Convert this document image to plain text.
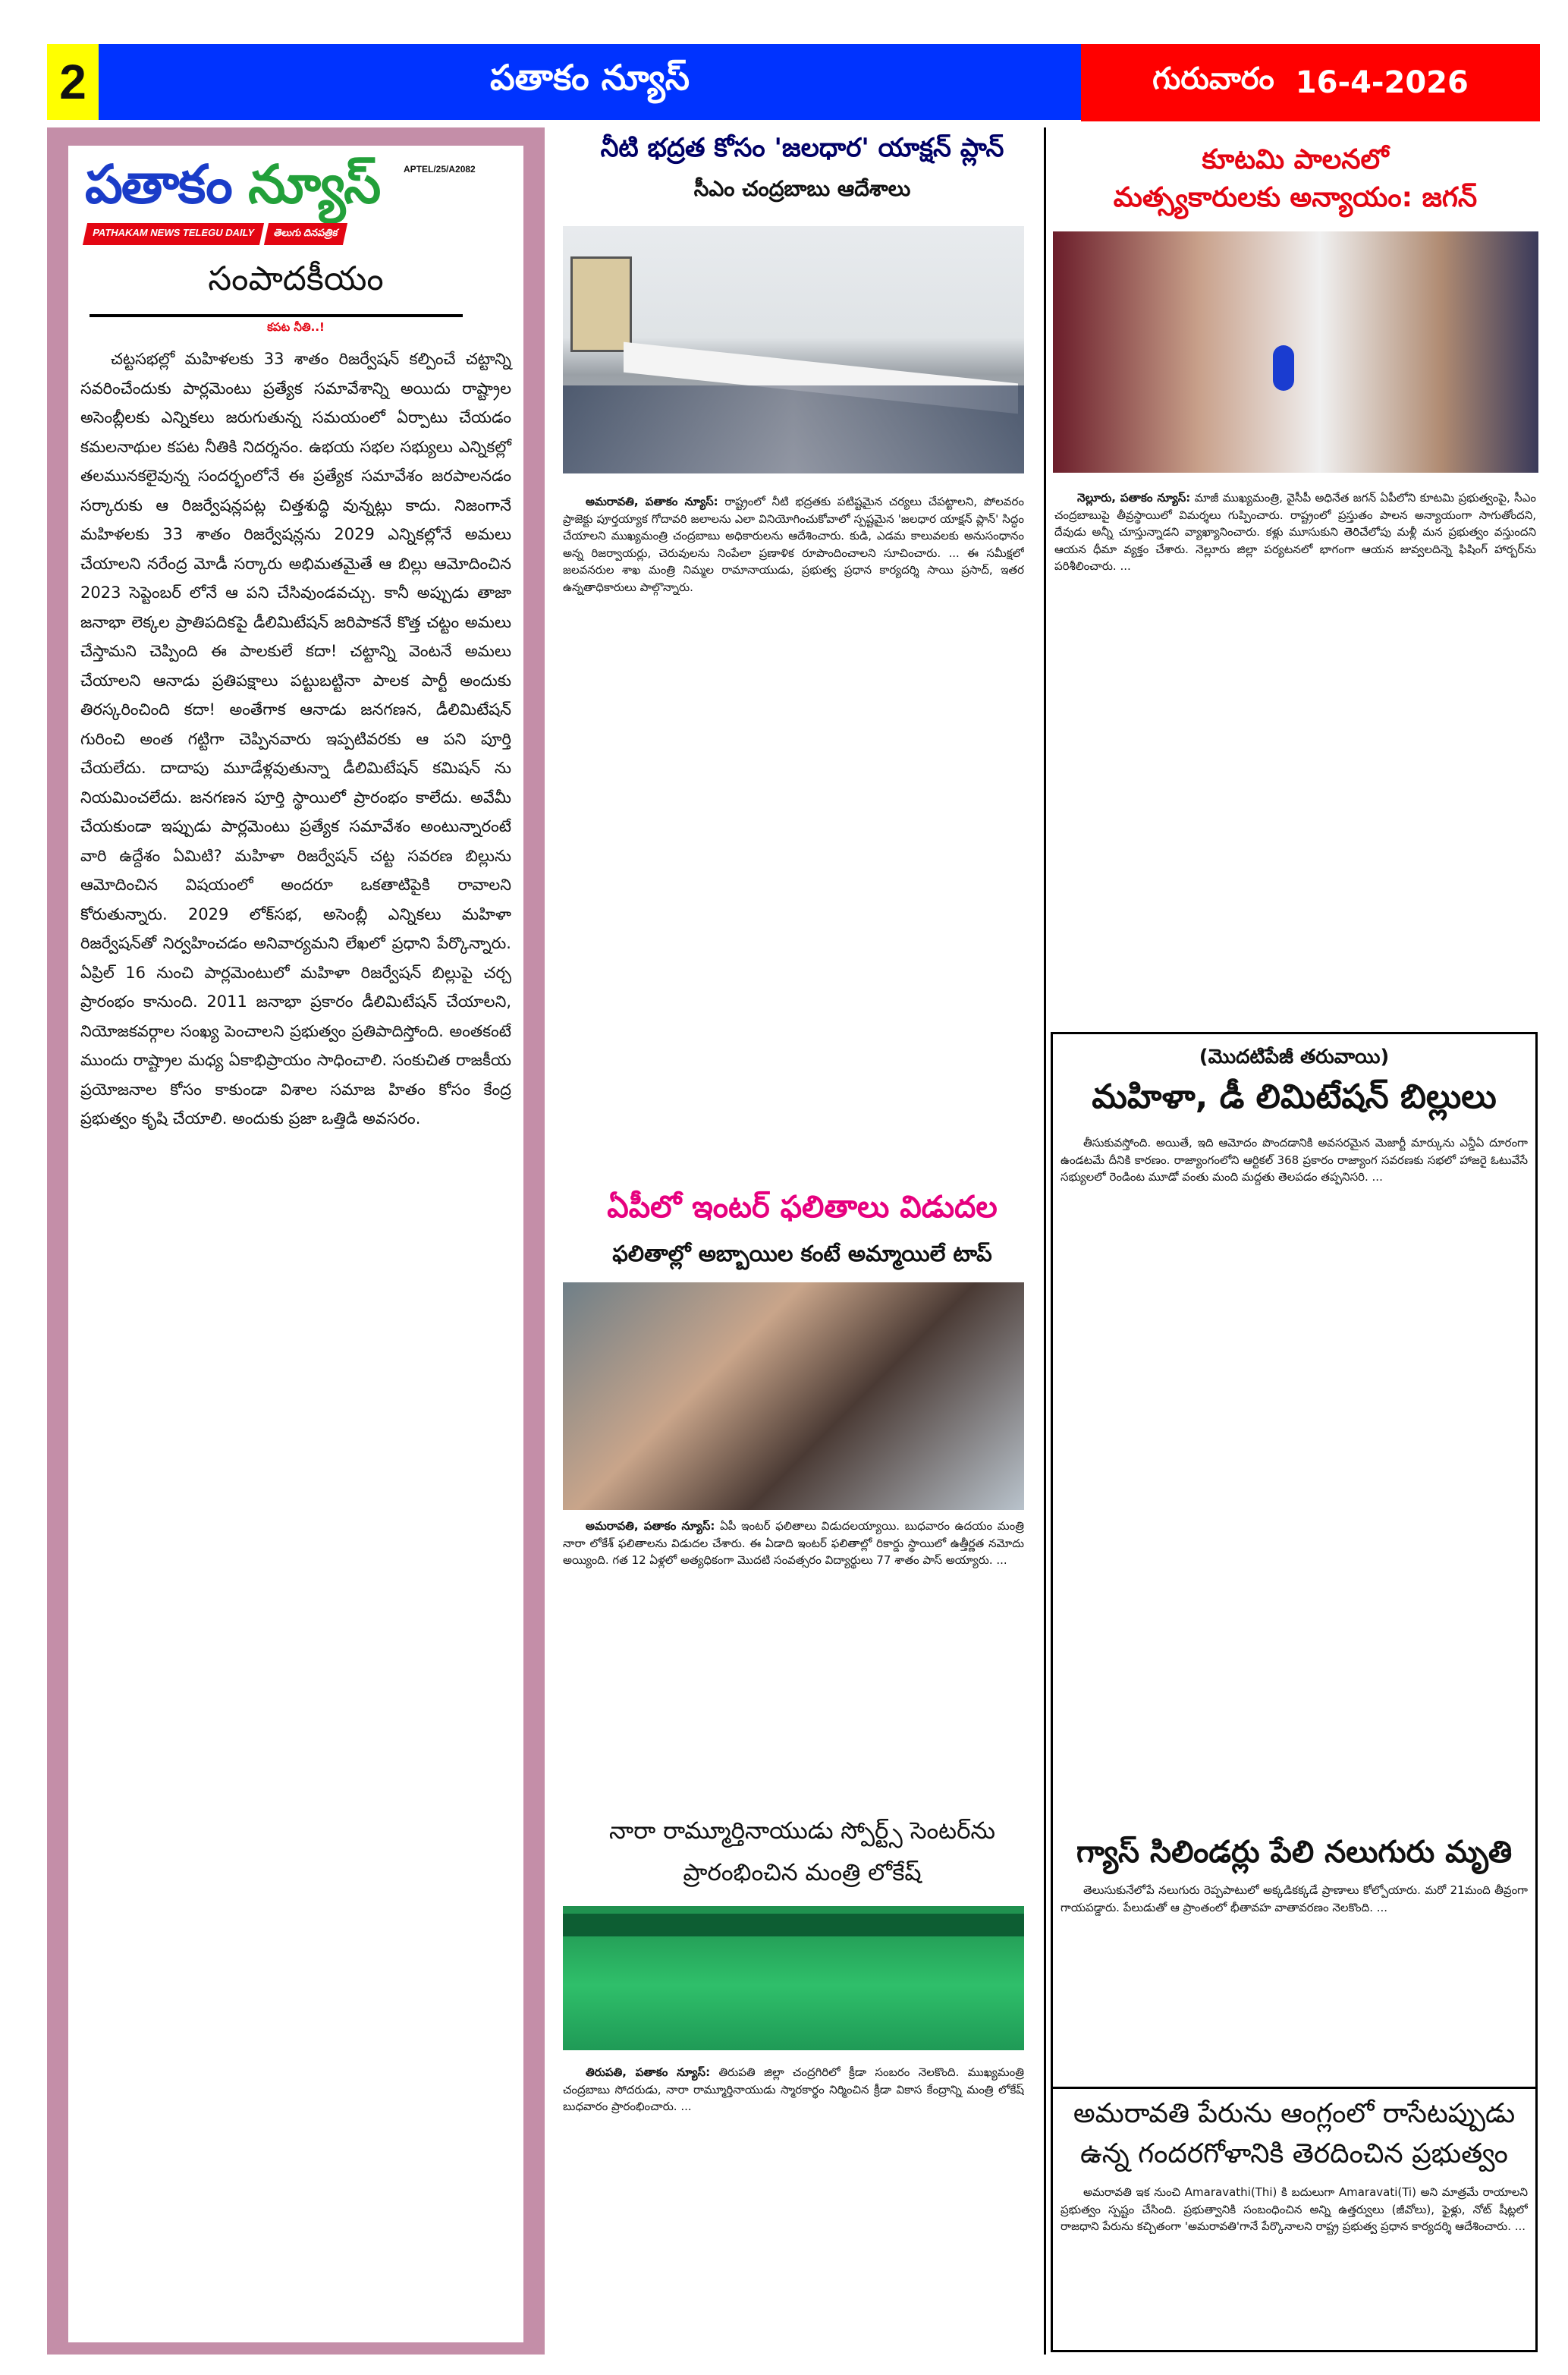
2	పతాకం న్యూస్	గురువారం 16-4-2026
పతాకం న్యూస్	APTEL/25/A2082
PATHAKAM NEWS TELEGU DAILY	తెలుగు దినపత్రిక
సంపాదకీయం
కపట నీతి..!
చట్టసభల్లో మహిళలకు 33 శాతం రిజర్వేషన్ కల్పించే చట్టాన్ని సవరించేందుకు పార్లమెంటు ప్రత్యేక సమావేశాన్ని అయిదు రాష్ట్రాల అసెంబ్లీలకు ఎన్నికలు జరుగుతున్న సమయంలో ఏర్పాటు చేయడం కమలనాథుల కపట నీతికి నిదర్శనం. ఉభయ సభల సభ్యులు ఎన్నికల్లో తలమునకలైవున్న సందర్భంలోనే ఈ ప్రత్యేక సమావేశం జరపాలనడం సర్కారుకు ఆ రిజర్వేషన్లపట్ల చిత్తశుద్ధి వున్నట్లు కాదు. నిజంగానే మహిళలకు 33 శాతం రిజర్వేషన్లను 2029 ఎన్నికల్లోనే అమలు చేయాలని నరేంద్ర మోడీ సర్కారు అభిమతమైతే ఆ బిల్లు ఆమోదించిన 2023 సెప్టెంబర్ లోనే ఆ పని చేసివుండవచ్చు. కానీ అప్పుడు తాజా జనాభా లెక్కల ప్రాతిపదికపై డీలిమిటేషన్ జరిపాకనే కొత్త చట్టం అమలు చేస్తామని చెప్పింది ఈ పాలకులే కదా! చట్టాన్ని వెంటనే అమలు చేయాలని ఆనాడు ప్రతిపక్షాలు పట్టుబట్టినా పాలక పార్టీ అందుకు తిరస్కరించింది కదా! అంతేగాక ఆనాడు జనగణన, డీలిమిటేషన్ గురించి అంత గట్టిగా చెప్పినవారు ఇప్పటివరకు ఆ పని పూర్తి చేయలేదు. దాదాపు మూడేళ్లవుతున్నా డీలిమిటేషన్ కమిషన్ ను నియమించలేదు. జనగణన పూర్తి స్థాయిలో ప్రారంభం కాలేదు. అవేమీ చేయకుండా ఇప్పుడు పార్లమెంటు ప్రత్యేక సమావేశం అంటున్నారంటే వారి ఉద్దేశం ఏమిటి? మహిళా రిజర్వేషన్ చట్ట సవరణ బిల్లును ఆమోదించిన విషయంలో అందరూ ఒకతాటిపైకి రావాలని కోరుతున్నారు. 2029 లోక్‌సభ, అసెంబ్లీ ఎన్నికలు మహిళా రిజర్వేషన్‌తో నిర్వహించడం అనివార్యమని లేఖలో ప్రధాని పేర్కొన్నారు. ఏప్రిల్ 16 నుంచి పార్లమెంటులో మహిళా రిజర్వేషన్ బిల్లుపై చర్చ ప్రారంభం కానుంది. 2011 జనాభా ప్రకారం డీలిమిటేషన్ చేయాలని, నియోజకవర్గాల సంఖ్య పెంచాలని ప్రభుత్వం ప్రతిపాదిస్తోంది. అంతకంటే ముందు రాష్ట్రాల మధ్య ఏకాభిప్రాయం సాధించాలి. సంకుచిత రాజకీయ ప్రయోజనాల కోసం కాకుండా విశాల సమాజ హితం కోసం కేంద్ర ప్రభుత్వం కృషి చేయాలి. అందుకు ప్రజా ఒత్తిడి అవసరం.
నీటి భద్రత కోసం 'జలధార' యాక్షన్ ప్లాన్
సీఎం చంద్రబాబు ఆదేశాలు
అమరావతి, పతాకం న్యూస్: రాష్ట్రంలో నీటి భద్రతకు పటిష్టమైన చర్యలు చేపట్టాలని, పోలవరం ప్రాజెక్టు పూర్తయ్యాక గోదావరి జలాలను ఎలా వినియోగించుకోవాలో స్పష్టమైన 'జలధార యాక్షన్ ప్లాన్' సిద్ధం చేయాలని ముఖ్యమంత్రి చంద్రబాబు అధికారులను ఆదేశించారు. కుడి, ఎడమ కాలువలకు అనుసంధానం అన్న రిజర్వాయర్లు, చెరువులను నింపేలా ప్రణాళిక రూపొందించాలని సూచించారు. ... ఈ సమీక్షలో జలవనరుల శాఖ మంత్రి నిమ్మల రామానాయుడు, ప్రభుత్వ ప్రధాన కార్యదర్శి సాయి ప్రసాద్, ఇతర ఉన్నతాధికారులు పాల్గొన్నారు.
ఏపీలో ఇంటర్ ఫలితాలు విడుదల
ఫలితాల్లో అబ్బాయిల కంటే అమ్మాయిలే టాప్
అమరావతి, పతాకం న్యూస్: ఏపీ ఇంటర్ ఫలితాలు విడుదలయ్యాయి. బుధవారం ఉదయం మంత్రి నారా లోకేశ్ ఫలితాలను విడుదల చేశారు. ఈ ఏడాది ఇంటర్ ఫలితాల్లో రికార్డు స్థాయిలో ఉత్తీర్ణత నమోదు అయ్యింది. గత 12 ఏళ్లలో అత్యధికంగా మొదటి సంవత్సరం విద్యార్థులు 77 శాతం పాస్ అయ్యారు. ...
నారా రామ్మూర్తినాయుడు స్పోర్ట్స్ సెంటర్‌ను
ప్రారంభించిన మంత్రి లోకేష్
తిరుపతి, పతాకం న్యూస్: తిరుపతి జిల్లా చంద్రగిరిలో క్రీడా సంబరం నెలకొంది. ముఖ్యమంత్రి చంద్రబాబు సోదరుడు, నారా రామ్మూర్తినాయుడు స్మారకార్థం నిర్మించిన క్రీడా వికాస కేంద్రాన్ని మంత్రి లోకేష్ బుధవారం ప్రారంభించారు. ...
కూటమి పాలనలో
మత్స్యకారులకు అన్యాయం: జగన్
నెల్లూరు, పతాకం న్యూస్: మాజీ ముఖ్యమంత్రి, వైసీపీ అధినేత జగన్ ఏపీలోని కూటమి ప్రభుత్వంపై, సీఎం చంద్రబాబుపై తీవ్రస్థాయిలో విమర్శలు గుప్పించారు. రాష్ట్రంలో ప్రస్తుతం పాలన అన్యాయంగా సాగుతోందని, దేవుడు అన్నీ చూస్తున్నాడని వ్యాఖ్యానించారు. కళ్లు మూసుకుని తెరిచేలోపు మళ్లీ మన ప్రభుత్వం వస్తుందని ఆయన ధీమా వ్యక్తం చేశారు. నెల్లూరు జిల్లా పర్యటనలో భాగంగా ఆయన జువ్వలదిన్నె ఫిషింగ్ హార్బర్‌ను పరిశీలించారు. ...
(మొదటిపేజీ తరువాయి)
మహిళా, డీ లిమిటేషన్ బిల్లులు
తీసుకువస్తోంది. అయితే, ఇది ఆమోదం పొందడానికి అవసరమైన మెజార్టీ మార్కును ఎన్డీఏ దూరంగా ఉండటమే దీనికి కారణం. రాజ్యాంగంలోని ఆర్టికల్ 368 ప్రకారం రాజ్యాంగ సవరణకు సభలో హాజరై ఓటువేసే సభ్యులలో రెండింట మూడో వంతు మంది మద్దతు తెలపడం తప్పనిసరి. ...
గ్యాస్ సిలిండర్లు పేలి నలుగురు మృతి
తెలుసుకునేలోపే నలుగురు రెప్పపాటులో అక్కడికక్కడే ప్రాణాలు కోల్పోయారు. మరో 21మంది తీవ్రంగా గాయపడ్డారు. పేలుడుతో ఆ ప్రాంతంలో భీతావహ వాతావరణం నెలకొంది. ...
అమరావతి పేరును ఆంగ్లంలో రాసేటప్పుడు
ఉన్న గందరగోళానికి తెరదించిన ప్రభుత్వం
అమరావతి ఇక నుంచి Amaravathi(Thi) కి బదులుగా Amaravati(Ti) అని మాత్రమే రాయాలని ప్రభుత్వం స్పష్టం చేసింది. ప్రభుత్వానికి సంబంధించిన అన్ని ఉత్తర్వులు (జీవోలు), ఫైళ్లు, నోట్ షీట్లలో రాజధాని పేరును కచ్చితంగా 'అమరావతి'గానే పేర్కొనాలని రాష్ట్ర ప్రభుత్వ ప్రధాన కార్యదర్శి ఆదేశించారు. ...
